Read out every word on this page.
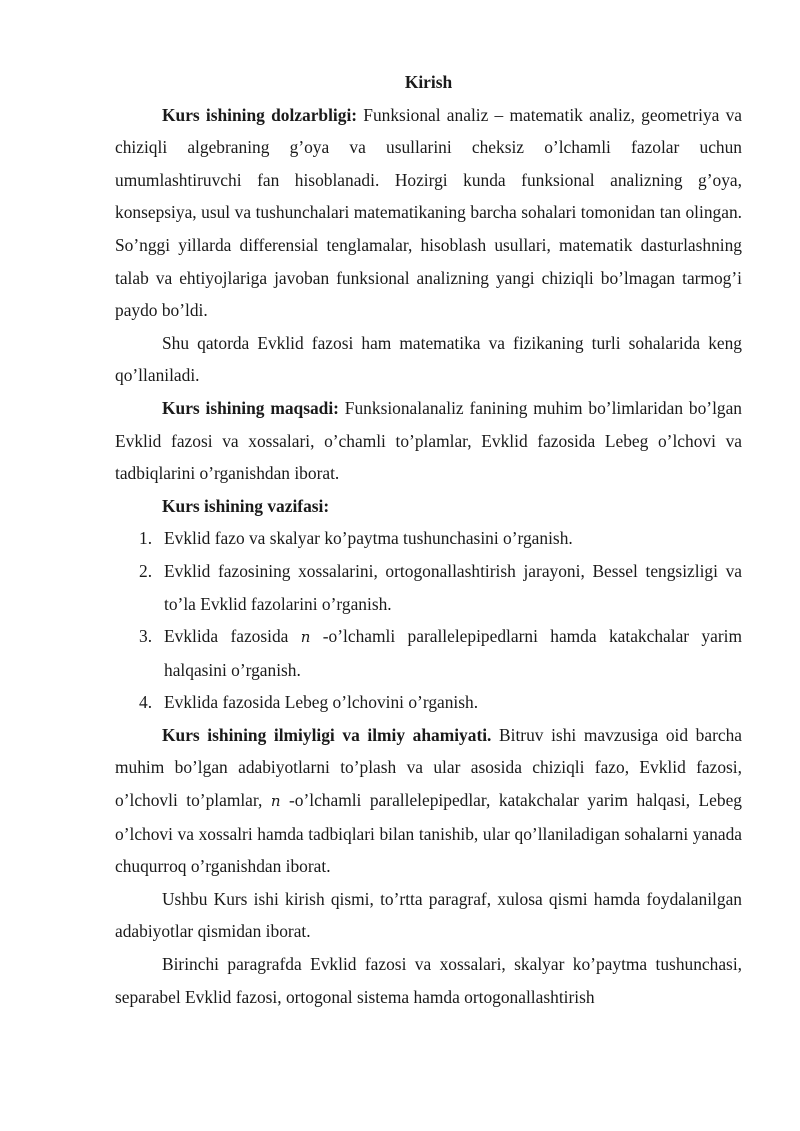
Kirish

Kurs ishining dolzarbligi: Funksional analiz – matematik analiz, geometriya va chiziqli algebraning g’oya va usullarini cheksiz o’lchamli fazolar uchun umumlashtiruvchi fan hisoblanadi. Hozirgi kunda funksional analizning g’oya, konsepsiya, usul va tushunchalari matematikaning barcha sohalari tomonidan tan olingan. So’nggi yillarda differensial tenglamalar, hisoblash usullari, matematik dasturlashning talab va ehtiyojlariga javoban funksional analizning yangi chiziqli bo’lmagan tarmog’i paydo bo’ldi.

Shu qatorda Evklid fazosi ham matematika va fizikaning turli sohalarida keng qo’llaniladi.

Kurs ishining maqsadi: Funksionalanaliz fanining muhim bo’limlaridan bo’lgan Evklid fazosi va xossalari, o’chamli to’plamlar, Evklid fazosida Lebeg o’lchovi va tadbiqlarini o’rganishdan iborat.

Kurs ishining vazifasi:

1. Evklid fazo va skalyar ko’paytma tushunchasini o’rganish.
2. Evklid fazosining xossalarini, ortogonallashtirish jarayoni, Bessel tengsizligi va to’la Evklid fazolarini o’rganish.
3. Evklida fazosida n -o’lchamli parallelepipedlarni hamda katakchalar yarim halqasini o’rganish.
4. Evklida fazosida Lebeg o’lchovini o’rganish.

Kurs ishining ilmiyligi va ilmiy ahamiyati. Bitruv ishi mavzusiga oid barcha muhim bo’lgan adabiyotlarni to’plash va ular asosida chiziqli fazo, Evklid fazosi, o’lchovli to’plamlar, n -o’lchamli parallelepipedlar, katakchalar yarim halqasi, Lebeg o’lchovi va xossalri hamda tadbiqlari bilan tanishib, ular qo’llaniladigan sohalarni yanada chuqurroq o’rganishdan iborat.

Ushbu Kurs ishi kirish qismi, to’rtta paragraf, xulosa qismi hamda foydalanilgan adabiyotlar qismidan iborat.

Birinchi paragrafda Evklid fazosi va xossalari, skalyar ko’paytma tushunchasi, separabel Evklid fazosi, ortogonal sistema hamda ortogonallashtirish
